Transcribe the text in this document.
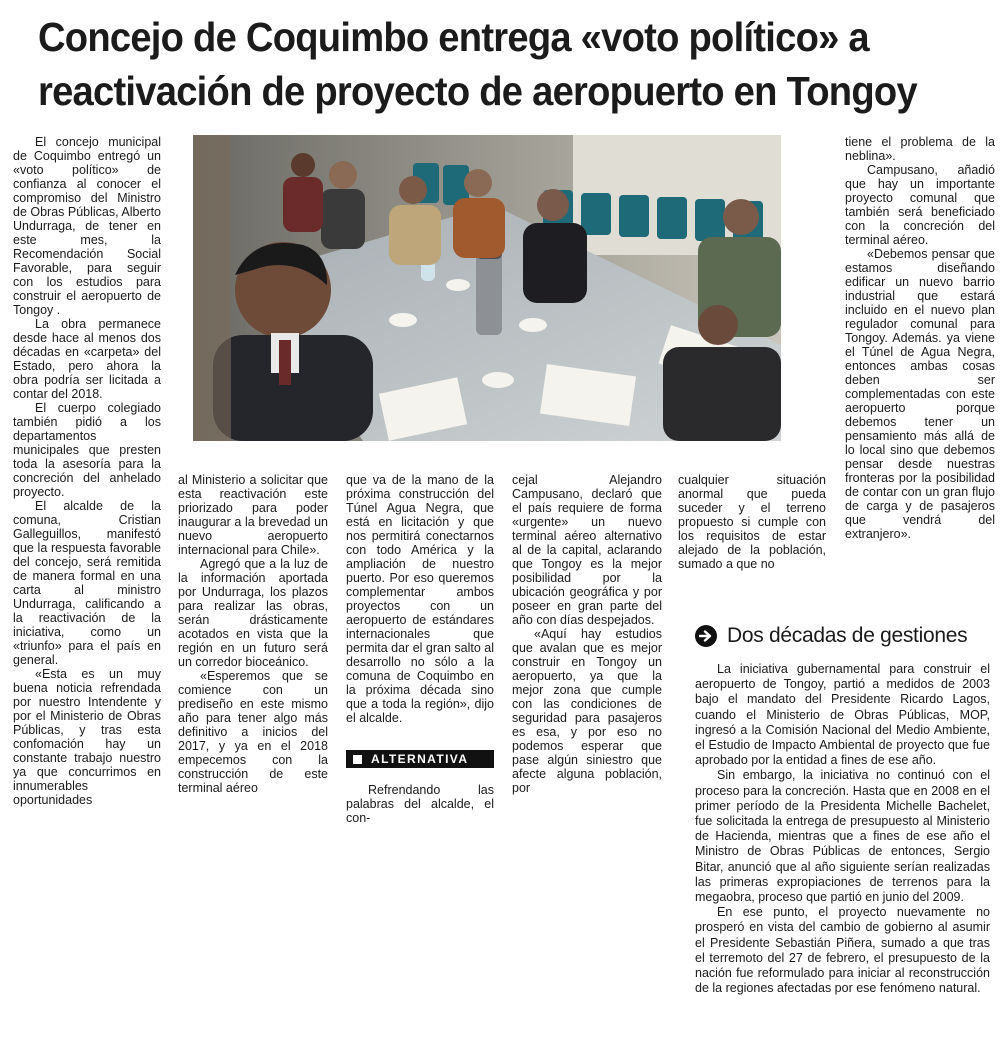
Concejo de Coquimbo entrega «voto político» a reactivación de proyecto de aeropuerto en Tongoy

El concejo municipal de Coquimbo entregó un «voto político» de confianza al conocer el compromiso del Ministro de Obras Públicas, Alberto Undurraga, de tener en este mes, la Recomendación Social Favorable, para seguir con los estudios para construir el aeropuerto de Tongoy .

La obra permanece desde hace al menos dos décadas en «carpeta» del Estado, pero ahora la obra podría ser licitada a contar del 2018.

El cuerpo colegiado también pidió a los departamentos municipales que presten toda la asesoría para la concreción del anhelado proyecto.

El alcalde de la comuna, Cristian Galleguillos, manifestó que la respuesta favorable del concejo, será remitida de manera formal en una carta al ministro Undurraga, calificando a la reactivación de la iniciativa, como un «triunfo» para el país en general.

«Esta es un muy buena noticia refrendada por nuestro Intendente y por el Ministerio de Obras Públicas, y tras esta confomación hay un constante trabajo nuestro ya que concurrimos en innumerables oportunidades

al Ministerio a solicitar que esta reactivación este priorizado para poder inaugurar a la brevedad un nuevo aeropuerto internacional para Chile».

Agregó que a la luz de la información aportada por Undurraga, los plazos para realizar las obras, serán drásticamente acotados en vista que la región en un futuro será un corredor bioceánico.

«Esperemos que se comience con un prediseño en este mismo año para tener algo más definitivo a inicios del 2017, y ya en el 2018 empecemos con la construcción de este terminal aéreo

que va de la mano de la próxima construcción del Túnel Agua Negra, que está en licitación y que nos permitirá conectarnos con todo América y la ampliación de nuestro puerto. Por eso queremos complementar ambos proyectos con un aeropuerto de estándares internacionales que permita dar el gran salto al desarrollo no sólo a la comuna de Coquimbo en la próxima década sino que a toda la región», dijo el alcalde.

ALTERNATIVA

Refrendando las palabras del alcalde, el con-

cejal Alejandro Campusano, declaró que el país requiere de forma «urgente» un nuevo terminal aéreo alternativo al de la capital, aclarando que Tongoy es la mejor posibilidad por la ubicación geográfica y por poseer en gran parte del año con días despejados.

«Aquí hay estudios que avalan que es mejor construir en Tongoy un aeropuerto, ya que la mejor zona que cumple con las condiciones de seguridad para pasajeros es esa, y por eso no podemos esperar que pase algún siniestro que afecte alguna población, por

cualquier situación anormal que pueda suceder y el terreno propuesto si cumple con los requisitos de estar alejado de la población, sumado a que no

tiene el problema de la neblina».

Campusano, añadió que hay un importante proyecto comunal que también será beneficiado con la concreción del terminal aéreo.

«Debemos pensar que estamos diseñando edificar un nuevo barrio industrial que estará incluido en el nuevo plan regulador comunal para Tongoy. Además. ya viene el Túnel de Agua Negra, entonces ambas cosas deben ser complementadas con este aeropuerto porque debemos tener un pensamiento más allá de lo local sino que debemos pensar desde nuestras fronteras por la posibilidad de contar con un gran flujo de carga y de pasajeros que vendrá del extranjero».

Dos décadas de gestiones

La iniciativa gubernamental para construir el aeropuerto de Tongoy, partió a medidos de 2003 bajo el mandato del Presidente Ricardo Lagos, cuando el Ministerio de Obras Públicas, MOP, ingresó a la Comisión Nacional del Medio Ambiente, el Estudio de Impacto Ambiental de proyecto que fue aprobado por la entidad a fines de ese año.

Sin embargo, la iniciativa no continuó con el proceso para la concreción. Hasta que en 2008 en el primer período de la Presidenta Michelle Bachelet, fue solicitada la entrega de presupuesto al Ministerio de Hacienda, mientras que a fines de ese año el Ministro de Obras Públicas de entonces, Sergio Bitar, anunció que al año siguiente serían realizadas las primeras expropiaciones de terrenos para la megaobra, proceso que partió en junio del 2009.

En ese punto, el proyecto nuevamente no prosperó en vista del cambio de gobierno al asumir el Presidente Sebastián Piñera, sumado a que tras el terremoto del 27 de febrero, el presupuesto de la nación fue reformulado para iniciar al reconstrucción de la regiones afectadas por ese fenómeno natural.
